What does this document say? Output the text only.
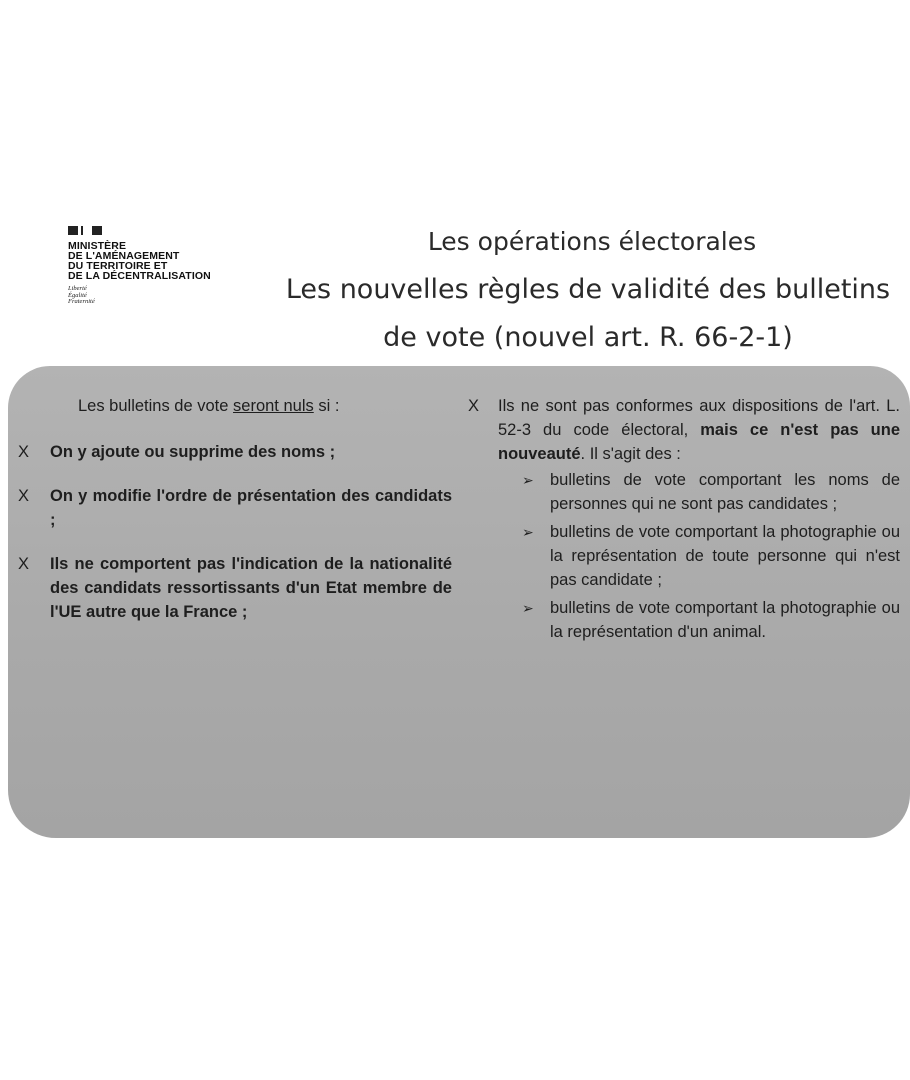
MINISTÈRE
DE L'AMÉNAGEMENT
DU TERRITOIRE ET
DE LA DÉCENTRALISATION
Liberté
Égalité
Fraternité
Les opérations électorales
Les nouvelles règles de validité des bulletins de vote (nouvel art. R. 66-2-1)
Les bulletins de vote seront nuls si :
X	On y ajoute ou supprime des noms ;
X	On y modifie l'ordre de présentation des candidats ;
X	Ils ne comportent pas l'indication de la nationalité des candidats ressortissants d'un Etat membre de l'UE autre que la France ;
X	Ils ne sont pas conformes aux dispositions de l'art. L. 52-3 du code électoral, mais ce n'est pas une nouveauté. Il s'agit des :
➢ bulletins de vote comportant les noms de personnes qui ne sont pas candidates ;
➢ bulletins de vote comportant la photographie ou la représentation de toute personne qui n'est pas candidate ;
➢ bulletins de vote comportant la photographie ou la représentation d'un animal.
